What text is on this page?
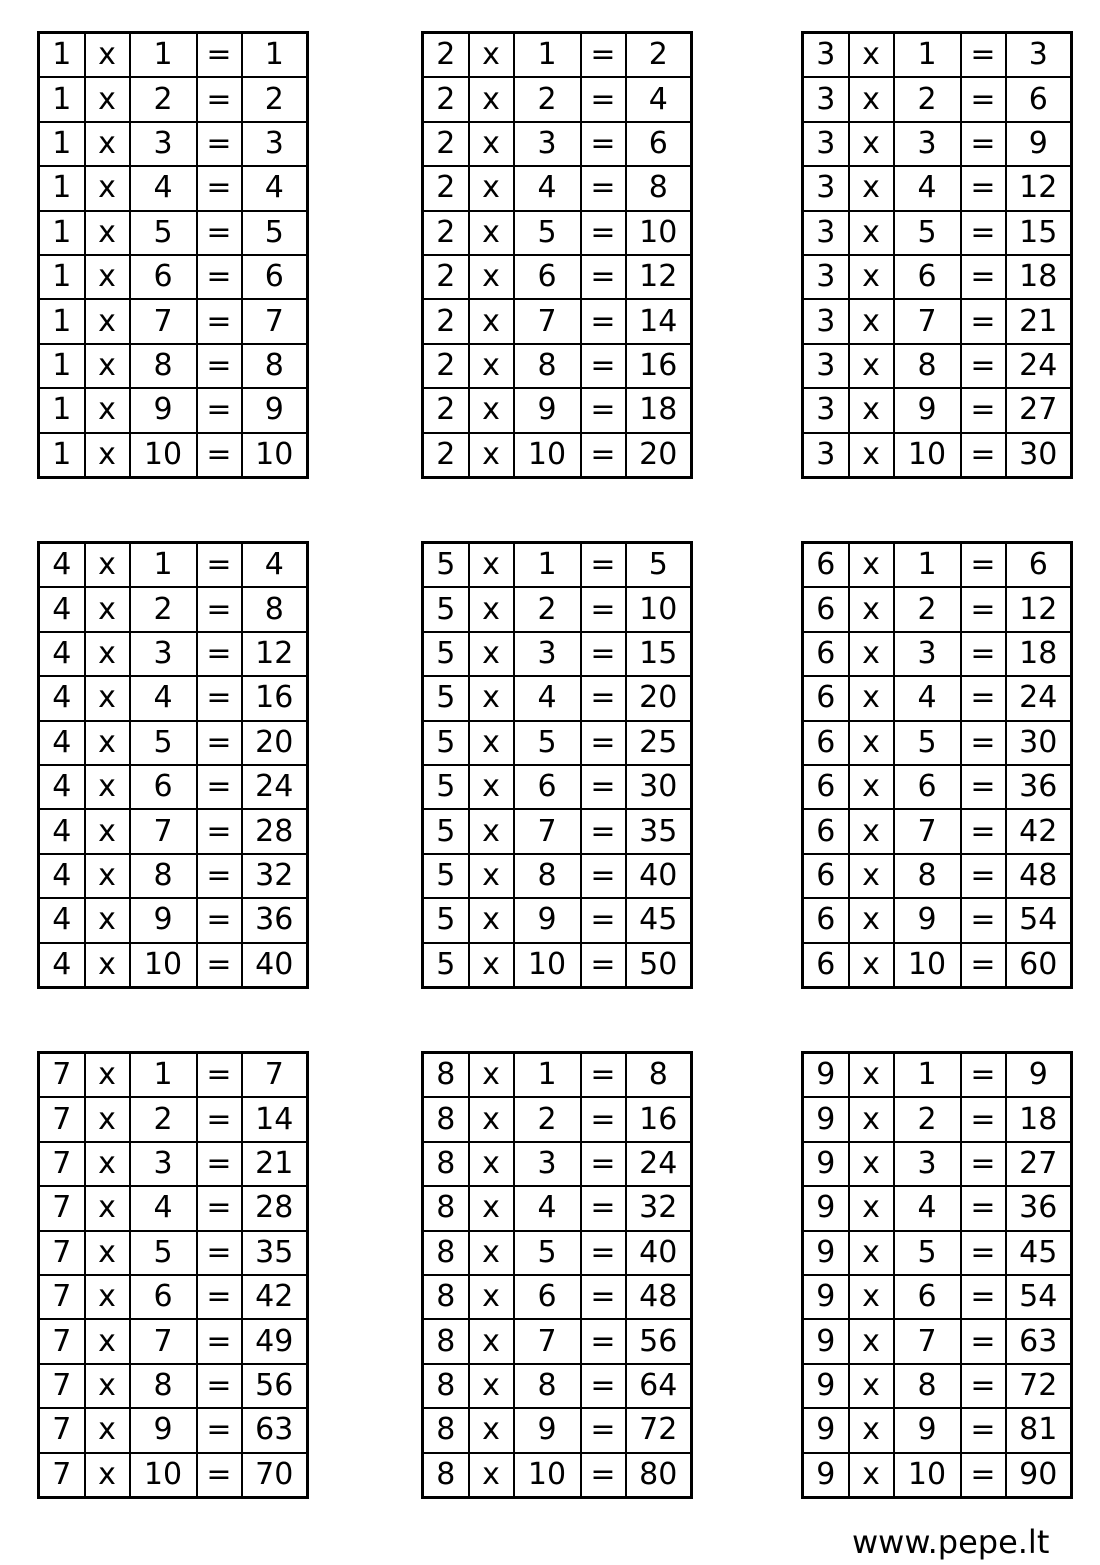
1	x	1	=	1
1	x	2	=	2
1	x	3	=	3
1	x	4	=	4
1	x	5	=	5
1	x	6	=	6
1	x	7	=	7
1	x	8	=	8
1	x	9	=	9
1	x	10	=	10
2	x	1	=	2
2	x	2	=	4
2	x	3	=	6
2	x	4	=	8
2	x	5	=	10
2	x	6	=	12
2	x	7	=	14
2	x	8	=	16
2	x	9	=	18
2	x	10	=	20
3	x	1	=	3
3	x	2	=	6
3	x	3	=	9
3	x	4	=	12
3	x	5	=	15
3	x	6	=	18
3	x	7	=	21
3	x	8	=	24
3	x	9	=	27
3	x	10	=	30
4	x	1	=	4
4	x	2	=	8
4	x	3	=	12
4	x	4	=	16
4	x	5	=	20
4	x	6	=	24
4	x	7	=	28
4	x	8	=	32
4	x	9	=	36
4	x	10	=	40
5	x	1	=	5
5	x	2	=	10
5	x	3	=	15
5	x	4	=	20
5	x	5	=	25
5	x	6	=	30
5	x	7	=	35
5	x	8	=	40
5	x	9	=	45
5	x	10	=	50
6	x	1	=	6
6	x	2	=	12
6	x	3	=	18
6	x	4	=	24
6	x	5	=	30
6	x	6	=	36
6	x	7	=	42
6	x	8	=	48
6	x	9	=	54
6	x	10	=	60
7	x	1	=	7
7	x	2	=	14
7	x	3	=	21
7	x	4	=	28
7	x	5	=	35
7	x	6	=	42
7	x	7	=	49
7	x	8	=	56
7	x	9	=	63
7	x	10	=	70
8	x	1	=	8
8	x	2	=	16
8	x	3	=	24
8	x	4	=	32
8	x	5	=	40
8	x	6	=	48
8	x	7	=	56
8	x	8	=	64
8	x	9	=	72
8	x	10	=	80
9	x	1	=	9
9	x	2	=	18
9	x	3	=	27
9	x	4	=	36
9	x	5	=	45
9	x	6	=	54
9	x	7	=	63
9	x	8	=	72
9	x	9	=	81
9	x	10	=	90
www.pepe.lt
